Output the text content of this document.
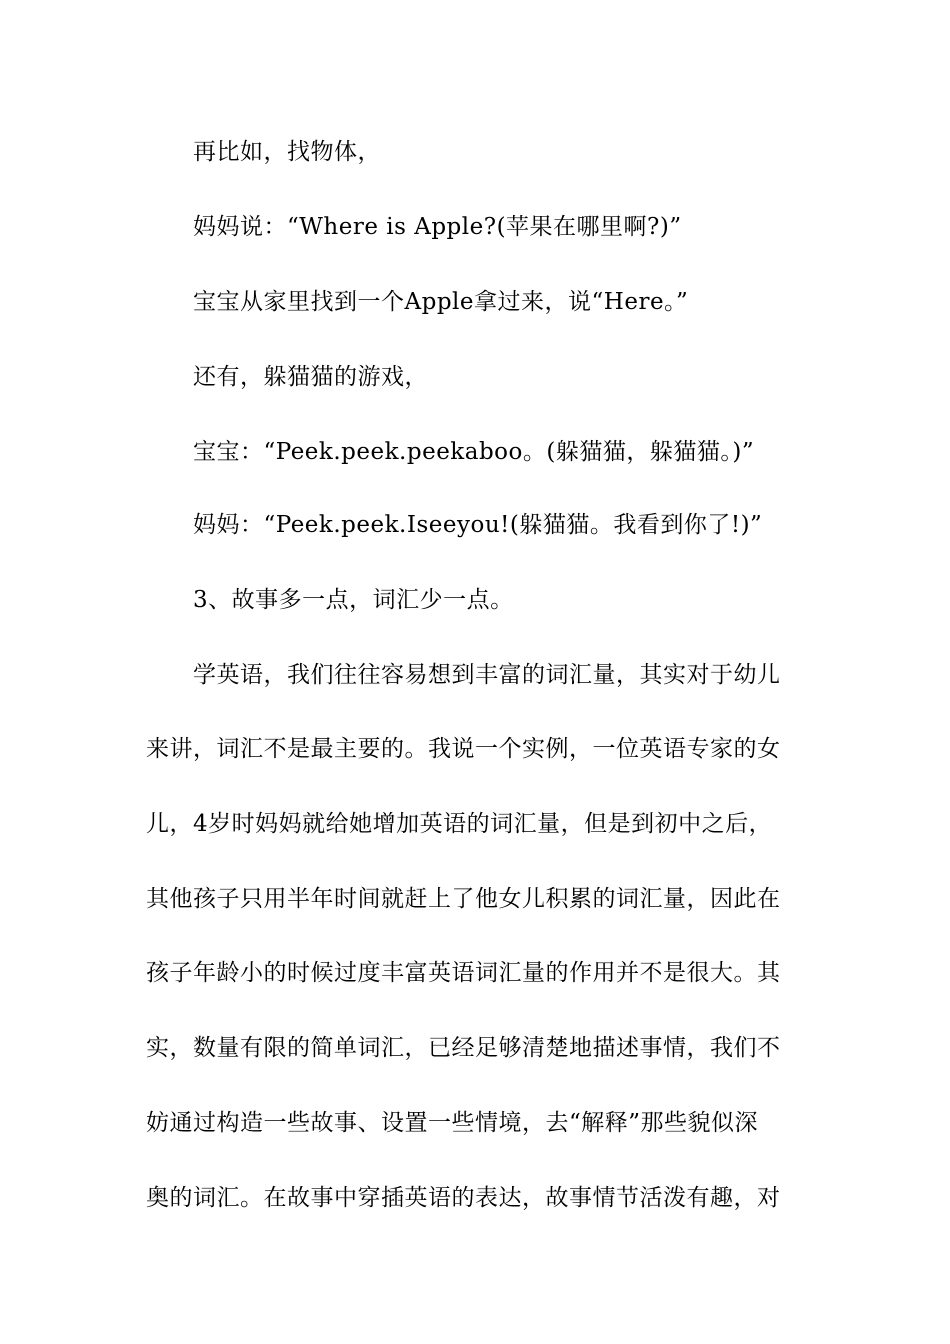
再比如，找物体，
妈妈说：“Where is Apple?(苹果在哪里啊?)”
宝宝从家里找到一个Apple拿过来，说“Here。”
还有，躲猫猫的游戏，
宝宝：“Peek.peek.peekaboo。(躲猫猫，躲猫猫。)”
妈妈：“Peek.peek.Iseeyou!(躲猫猫。我看到你了!)”
3、故事多一点，词汇少一点。
学英语，我们往往容易想到丰富的词汇量，其实对于幼儿
来讲，词汇不是最主要的。我说一个实例，一位英语专家的女
儿，4岁时妈妈就给她增加英语的词汇量，但是到初中之后，
其他孩子只用半年时间就赶上了他女儿积累的词汇量，因此在
孩子年龄小的时候过度丰富英语词汇量的作用并不是很大。其
实，数量有限的简单词汇，已经足够清楚地描述事情，我们不
妨通过构造一些故事、设置一些情境，去“解释”那些貌似深
奥的词汇。在故事中穿插英语的表达，故事情节活泼有趣，对
